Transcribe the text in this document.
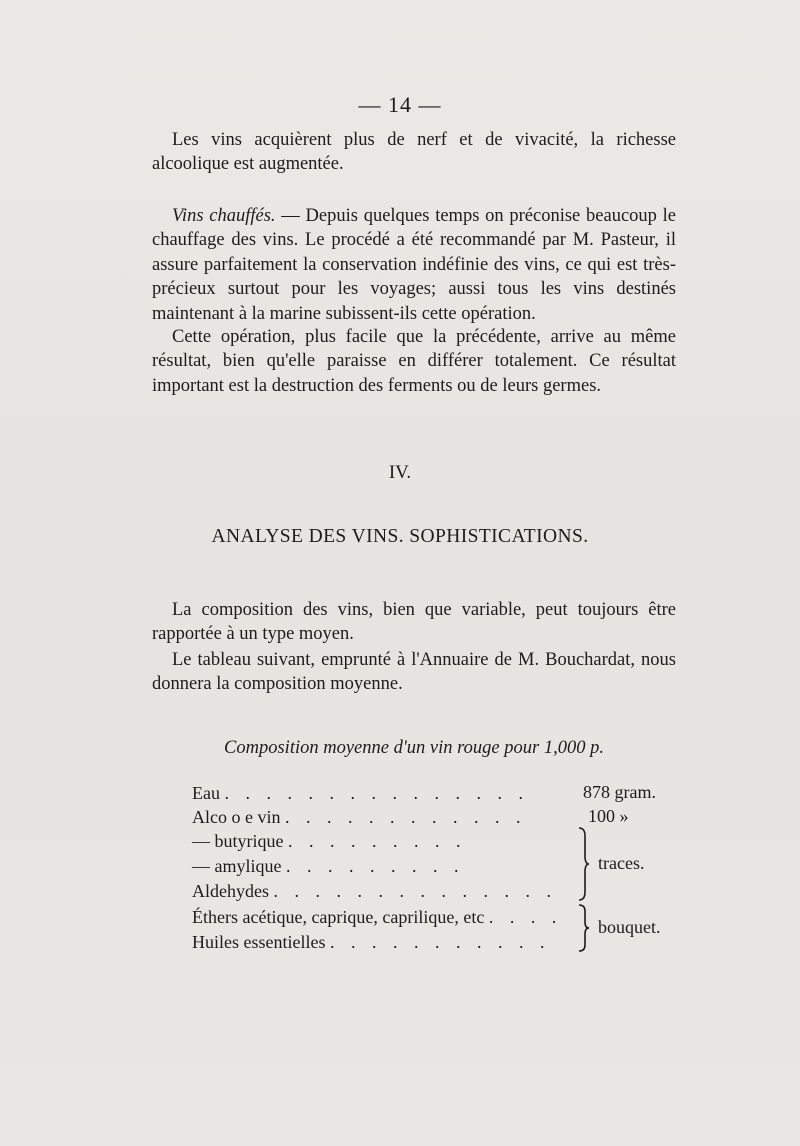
— 14 —

Les vins acquièrent plus de nerf et de vivacité, la richesse alcoolique est augmentée.

Vins chauffés. — Depuis quelques temps on préconise beaucoup le chauffage des vins. Le procédé a été recommandé par M. Pasteur, il assure parfaitement la conservation indéfinie des vins, ce qui est très-précieux surtout pour les voyages; aussi tous les vins destinés maintenant à la marine subissent-ils cette opération.

Cette opération, plus facile que la précédente, arrive au même résultat, bien qu'elle paraisse en différer totalement. Ce résultat important est la destruction des ferments ou de leurs germes.

IV.
ANALYSE DES VINS. SOPHISTICATIONS.

La composition des vins, bien que variable, peut toujours être rapportée à un type moyen.

Le tableau suivant, emprunté à l'Annuaire de M. Bouchardat, nous donnera la composition moyenne.

Composition moyenne d'un vin rouge pour 1,000 p.
Eau . . . . . . . . . . . . . . .	878 gram.
Alco o e vin . . . . . . . . . . . .	100 »
— butyrique . . . . . . . . .
— amylique . . . . . . . . .
Aldehydes . . . . . . . . . . . . . .
traces.
Éthers acétique, caprique, caprilique, etc . . . .
Huiles essentielles . . . . . . . . . . .
bouquet.
